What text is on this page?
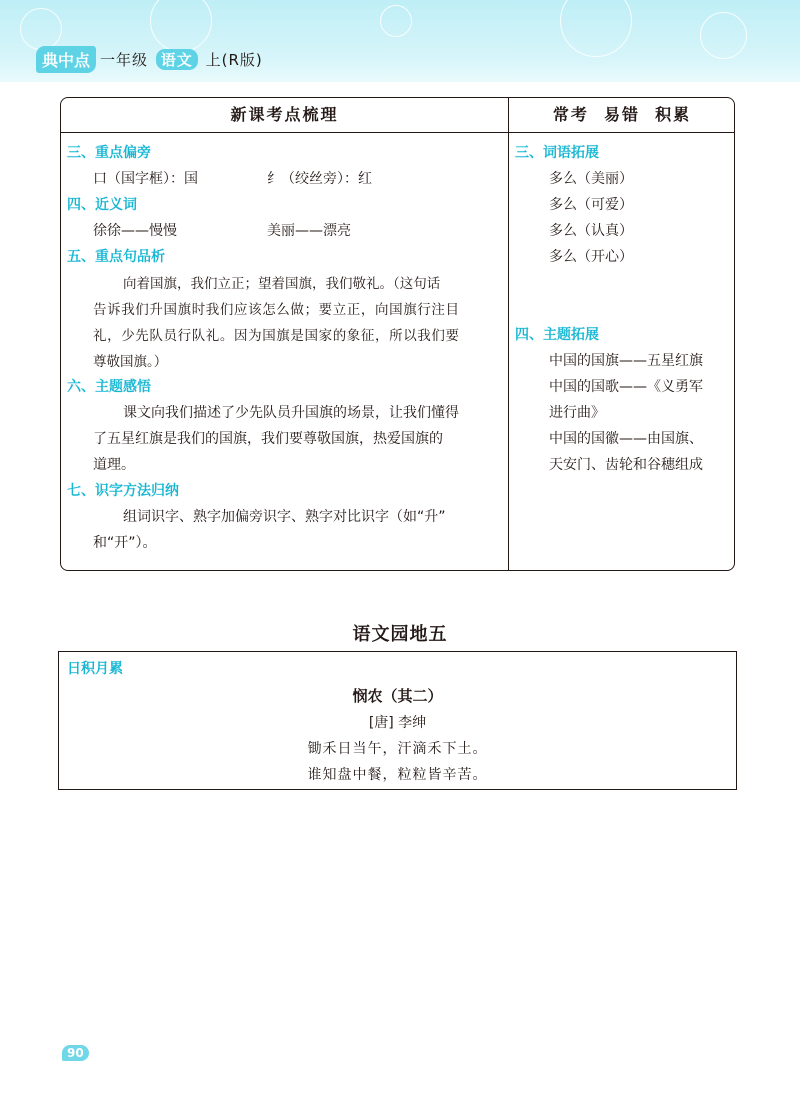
典中点 一年级 语文 上(R版)
新课考点梳理
三、重点偏旁
口（国字框）：国	纟（绞丝旁）：红
四、近义词
徐徐——慢慢	美丽——漂亮
五、重点句品析
向着国旗，我们立正；望着国旗，我们敬礼。（这句话
告诉我们升国旗时我们应该怎么做；要立正，向国旗行注目
礼，少先队员行队礼。因为国旗是国家的象征，所以我们要
尊敬国旗。）
六、主题感悟
课文向我们描述了少先队员升国旗的场景，让我们懂得
了五星红旗是我们的国旗，我们要尊敬国旗，热爱国旗的
道理。
七、识字方法归纳
组词识字、熟字加偏旁识字、熟字对比识字（如“升”
和“开”）。
常考  易错  积累
三、词语拓展
多么（美丽）
多么（可爱）
多么（认真）
多么（开心）
四、主题拓展
中国的国旗——五星红旗
中国的国歌——《义勇军
进行曲》
中国的国徽——由国旗、
天安门、齿轮和谷穗组成
语文园地五
日积月累
悯农（其二）
[唐] 李绅
锄禾日当午，汗滴禾下土。
谁知盘中餐，粒粒皆辛苦。
90
